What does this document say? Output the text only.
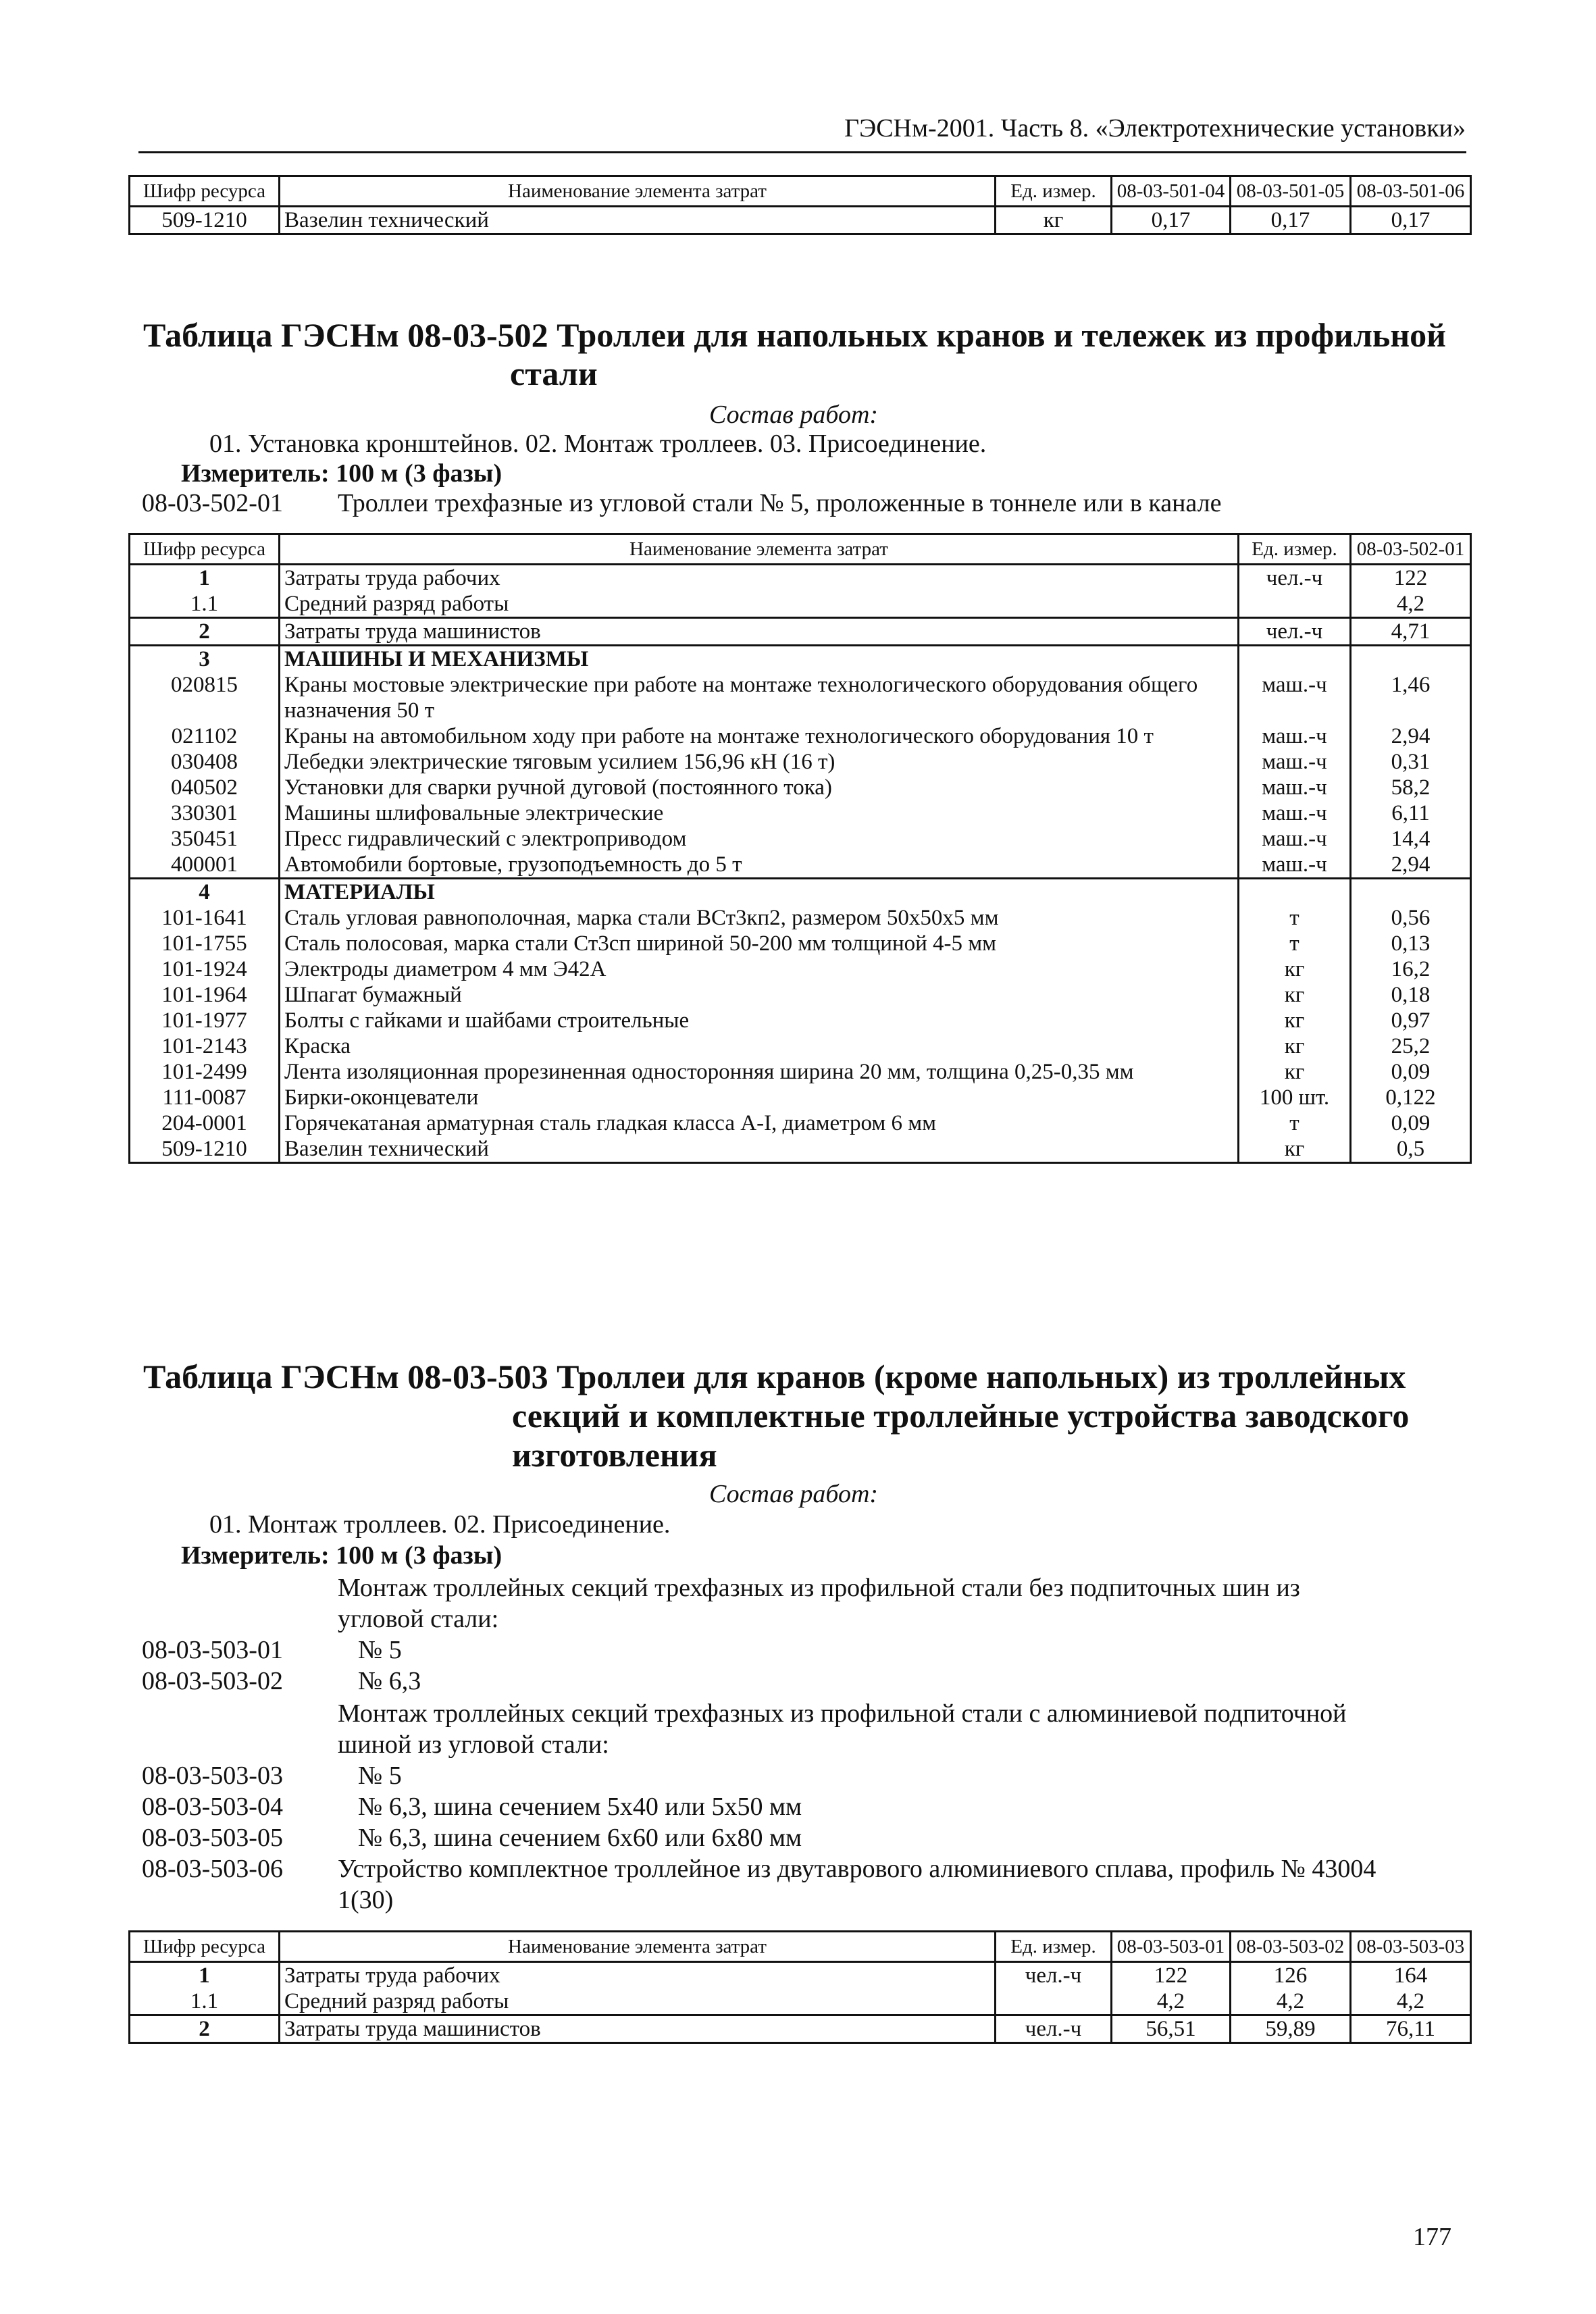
ГЭСНм-2001. Часть 8. «Электротехнические установки»
Шифр ресурса	Наименование элемента затрат	Ед. измер.	08-03-501-04	08-03-501-05	08-03-501-06
509-1210	Вазелин технический	кг	0,17	0,17	0,17
Таблица ГЭСНм 08-03-502 Троллеи для напольных кранов и тележек из профильной
стали
Состав работ:
01. Установка кронштейнов. 02. Монтаж троллеев. 03. Присоединение.
Измеритель: 100 м (3 фазы)
08-03-502-01 Троллеи трехфазные из угловой стали № 5, проложенные в тоннеле или в канале
Шифр ресурса	Наименование элемента затрат	Ед. измер.	08-03-502-01
1	Затраты труда рабочих	чел.-ч	122
1.1	Средний разряд работы		4,2
2	Затраты труда машинистов	чел.-ч	4,71
3	МАШИНЫ И МЕХАНИЗМЫ		
020815	Краны мостовые электрические при работе на монтаже технологического оборудования общего назначения 50 т	маш.-ч	1,46
021102	Краны на автомобильном ходу при работе на монтаже технологического оборудования 10 т	маш.-ч	2,94
030408	Лебедки электрические тяговым усилием 156,96 кН (16 т)	маш.-ч	0,31
040502	Установки для сварки ручной дуговой (постоянного тока)	маш.-ч	58,2
330301	Машины шлифовальные электрические	маш.-ч	6,11
350451	Пресс гидравлический с электроприводом	маш.-ч	14,4
400001	Автомобили бортовые, грузоподъемность до 5 т	маш.-ч	2,94
4	МАТЕРИАЛЫ		
101-1641	Сталь угловая равнополочная, марка стали ВСт3кп2, размером 50х50х5 мм	т	0,56
101-1755	Сталь полосовая, марка стали Ст3сп шириной 50-200 мм толщиной 4-5 мм	т	0,13
101-1924	Электроды диаметром 4 мм Э42А	кг	16,2
101-1964	Шпагат бумажный	кг	0,18
101-1977	Болты с гайками и шайбами строительные	кг	0,97
101-2143	Краска	кг	25,2
101-2499	Лента изоляционная прорезиненная односторонняя ширина 20 мм, толщина 0,25-0,35 мм	кг	0,09
111-0087	Бирки-оконцеватели	100 шт.	0,122
204-0001	Горячекатаная арматурная сталь гладкая класса А-I, диаметром 6 мм	т	0,09
509-1210	Вазелин технический	кг	0,5
Таблица ГЭСНм 08-03-503 Троллеи для кранов (кроме напольных) из троллейных
секций и комплектные троллейные устройства заводского
изготовления
Состав работ:
01. Монтаж троллеев. 02. Присоединение.
Измеритель: 100 м (3 фазы)
Монтаж троллейных секций трехфазных из профильной стали без подпиточных шин из
угловой стали:
08-03-503-01	№ 5
08-03-503-02	№ 6,3
Монтаж троллейных секций трехфазных из профильной стали с алюминиевой подпиточной
шиной из угловой стали:
08-03-503-03	№ 5
08-03-503-04	№ 6,3, шина сечением 5х40 или 5х50 мм
08-03-503-05	№ 6,3, шина сечением 6х60 или 6х80 мм
08-03-503-06 Устройство комплектное троллейное из двутаврового алюминиевого сплава, профиль № 43004
1(30)
Шифр ресурса	Наименование элемента затрат	Ед. измер.	08-03-503-01	08-03-503-02	08-03-503-03
1	Затраты труда рабочих	чел.-ч	122	126	164
1.1	Средний разряд работы		4,2	4,2	4,2
2	Затраты труда машинистов	чел.-ч	56,51	59,89	76,11
177
